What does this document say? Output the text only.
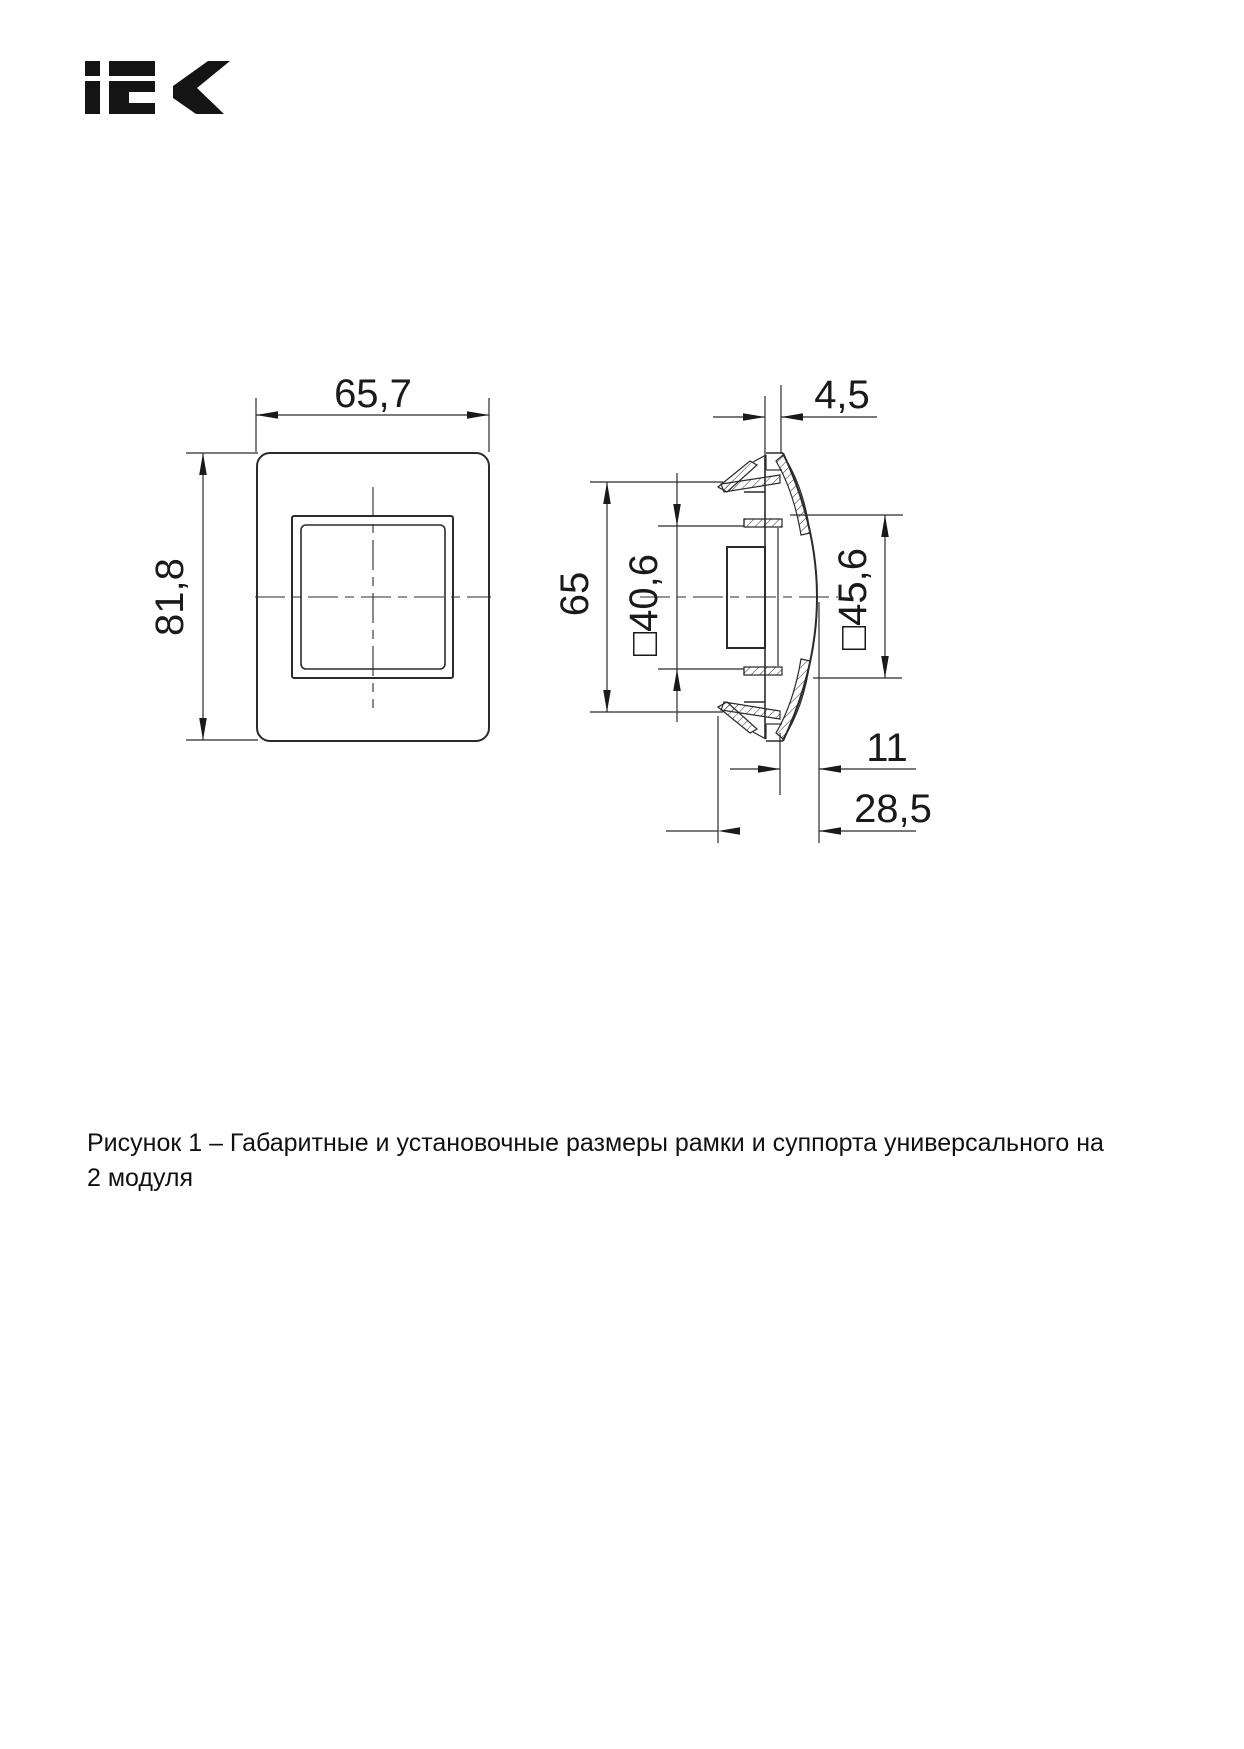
65,7
81,8
4,5
65 □40,6	□45,6
11
28,5
Рисунок 1 – Габаритные и установочные размеры рамки и суппорта универсального на
2 модуля
